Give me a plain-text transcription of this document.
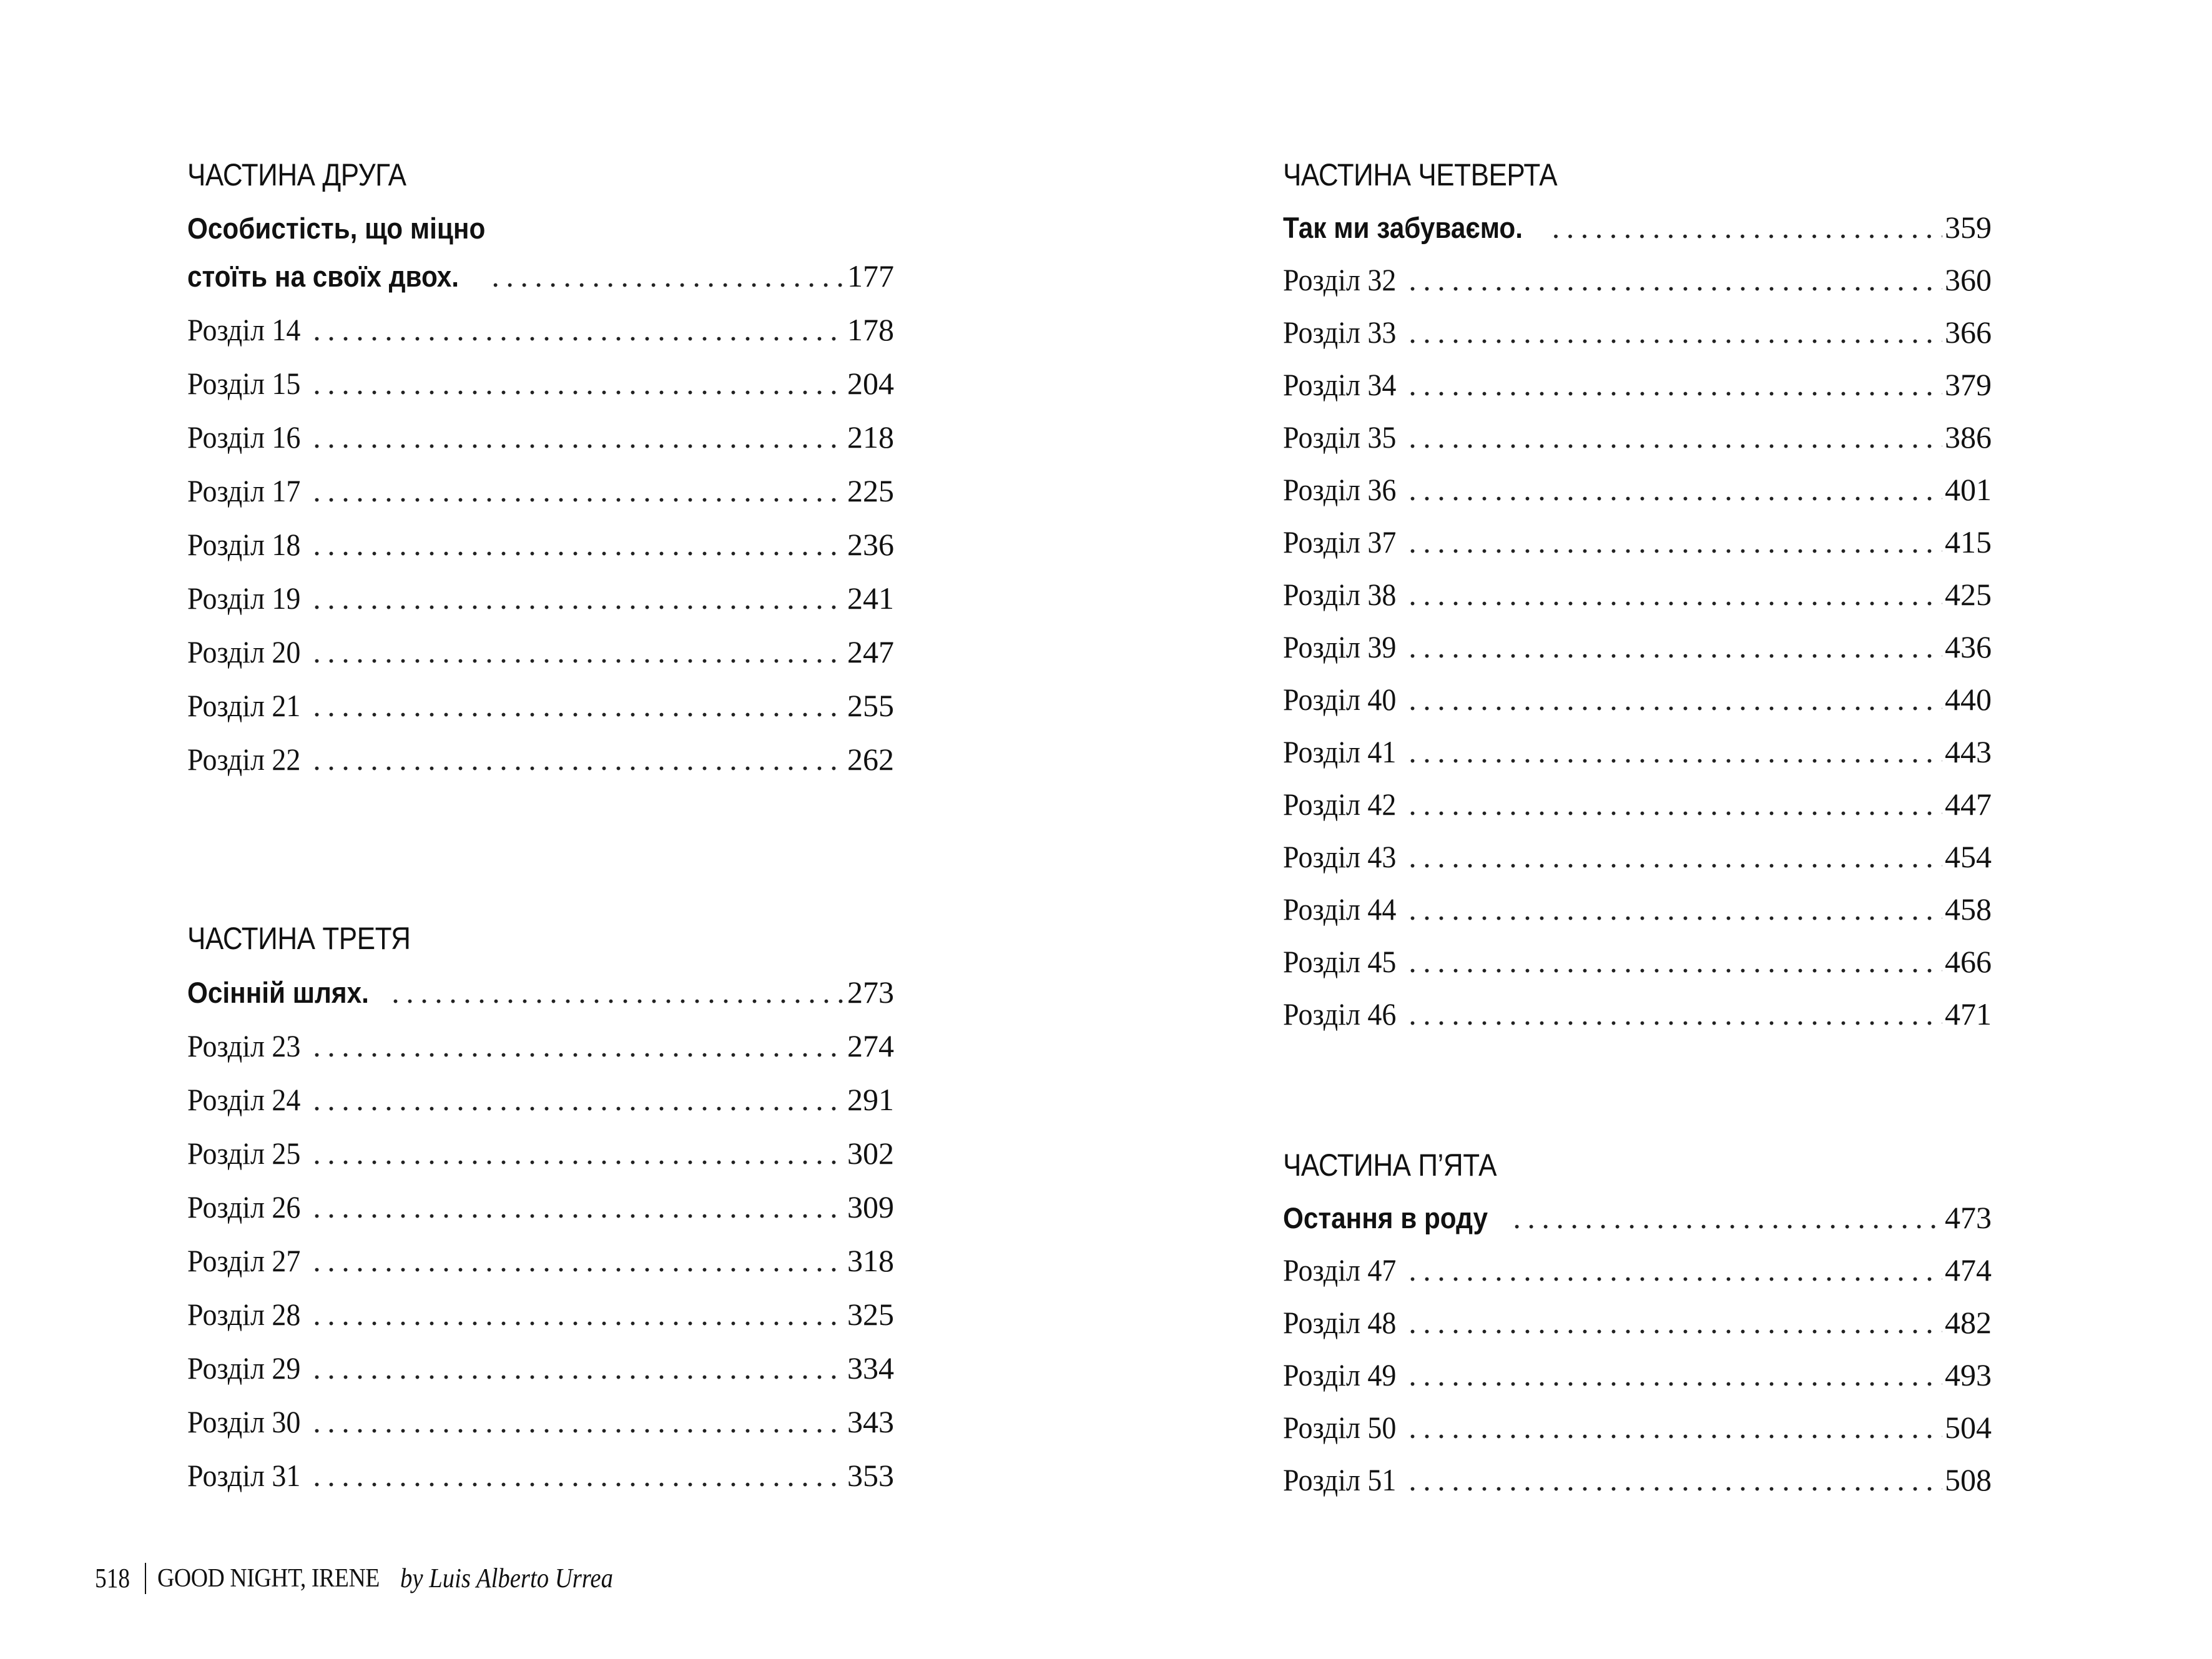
ЧАСТИНА ДРУГА
Особистість, що міцно
стоїть на своїх двох. . . .	177
Розділ 14 . . .	178
Розділ 15 . . .	204
Розділ 16 . . .	218
Розділ 17 . . .	225
Розділ 18 . . .	236
Розділ 19 . . .	241
Розділ 20 . . .	247
Розділ 21 . . .	255
Розділ 22 . . .	262
ЧАСТИНА ТРЕТЯ
Осінній шлях. . . .	273
Розділ 23 . . .	274
Розділ 24 . . .	291
Розділ 25 . . .	302
Розділ 26 . . .	309
Розділ 27 . . .	318
Розділ 28 . . .	325
Розділ 29 . . .	334
Розділ 30 . . .	343
Розділ 31 . . .	353
ЧАСТИНА ЧЕТВЕРТА
Так ми забуваємо. . . .	359
Розділ 32 . . .	360
Розділ 33 . . .	366
Розділ 34 . . .	379
Розділ 35 . . .	386
Розділ 36 . . .	401
Розділ 37 . . .	415
Розділ 38 . . .	425
Розділ 39 . . .	436
Розділ 40 . . .	440
Розділ 41 . . .	443
Розділ 42 . . .	447
Розділ 43 . . .	454
Розділ 44 . . .	458
Розділ 45 . . .	466
Розділ 46 . . .	471
ЧАСТИНА П’ЯТА
Остання в роду . . .	473
Розділ 47 . . .	474
Розділ 48 . . .	482
Розділ 49 . . .	493
Розділ 50 . . .	504
Розділ 51 . . .	508
518 GOOD NIGHT, IRENE by Luis Alberto Urrea
